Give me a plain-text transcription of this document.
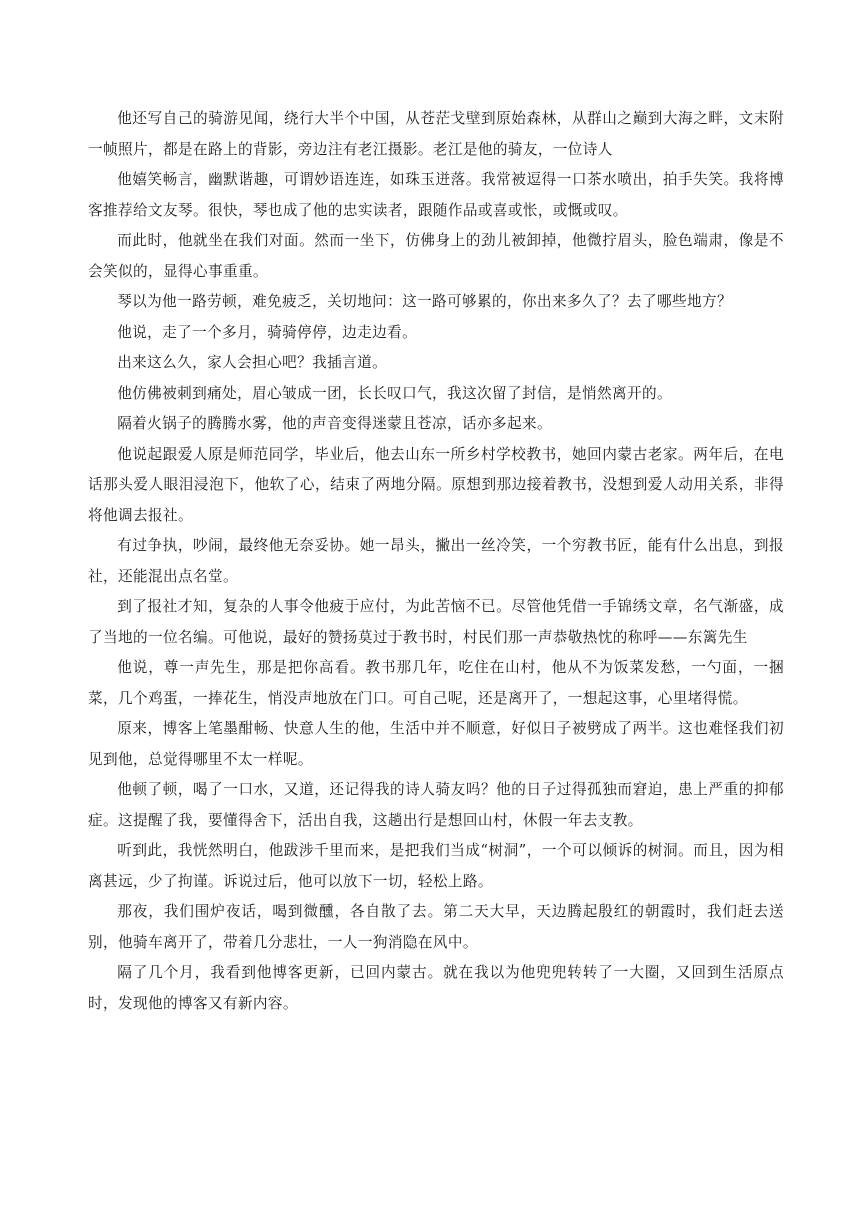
他还写自己的骑游见闻，绕行大半个中国，从苍茫戈壁到原始森林，从群山之巅到大海之畔，文末附一帧照片，都是在路上的背影，旁边注有老江摄影。老江是他的骑友，一位诗人

他嬉笑畅言，幽默谐趣，可谓妙语连连，如珠玉迸落。我常被逗得一口茶水喷出，拍手失笑。我将博客推荐给文友琴。很快，琴也成了他的忠实读者，跟随作品或喜或怅，或慨或叹。

而此时，他就坐在我们对面。然而一坐下，仿佛身上的劲儿被卸掉，他微拧眉头，脸色端肃，像是不会笑似的，显得心事重重。

琴以为他一路劳顿，难免疲乏，关切地问：这一路可够累的，你出来多久了？去了哪些地方？

他说，走了一个多月，骑骑停停，边走边看。

出来这么久，家人会担心吧？我插言道。

他仿佛被刺到痛处，眉心皱成一团，长长叹口气，我这次留了封信，是悄然离开的。

隔着火锅子的腾腾水雾，他的声音变得迷蒙且苍凉，话亦多起来。

他说起跟爱人原是师范同学，毕业后，他去山东一所乡村学校教书，她回内蒙古老家。两年后，在电话那头爱人眼泪浸泡下，他软了心，结束了两地分隔。原想到那边接着教书，没想到爱人动用关系，非得将他调去报社。

有过争执，吵闹，最终他无奈妥协。她一昂头，撇出一丝冷笑，一个穷教书匠，能有什么出息，到报社，还能混出点名堂。

到了报社才知，复杂的人事令他疲于应付，为此苦恼不已。尽管他凭借一手锦绣文章，名气渐盛，成了当地的一位名编。可他说，最好的赞扬莫过于教书时，村民们那一声恭敬热忱的称呼——东篱先生

他说，尊一声先生，那是把你高看。教书那几年，吃住在山村，他从不为饭菜发愁，一勺面，一捆菜，几个鸡蛋，一捧花生，悄没声地放在门口。可自己呢，还是离开了，一想起这事，心里堵得慌。

原来，博客上笔墨酣畅、快意人生的他，生活中并不顺意，好似日子被劈成了两半。这也难怪我们初见到他，总觉得哪里不太一样呢。

他顿了顿，喝了一口水，又道，还记得我的诗人骑友吗？他的日子过得孤独而窘迫，患上严重的抑郁症。这提醒了我，要懂得舍下，活出自我，这趟出行是想回山村，休假一年去支教。

听到此，我恍然明白，他跋涉千里而来，是把我们当成“树洞”，一个可以倾诉的树洞。而且，因为相离甚远，少了拘谨。诉说过后，他可以放下一切，轻松上路。

那夜，我们围炉夜话，喝到微醺，各自散了去。第二天大早，天边腾起殷红的朝霞时，我们赶去送别，他骑车离开了，带着几分悲壮，一人一狗消隐在风中。

隔了几个月，我看到他博客更新，已回内蒙古。就在我以为他兜兜转转了一大圈，又回到生活原点时，发现他的博客又有新内容。
